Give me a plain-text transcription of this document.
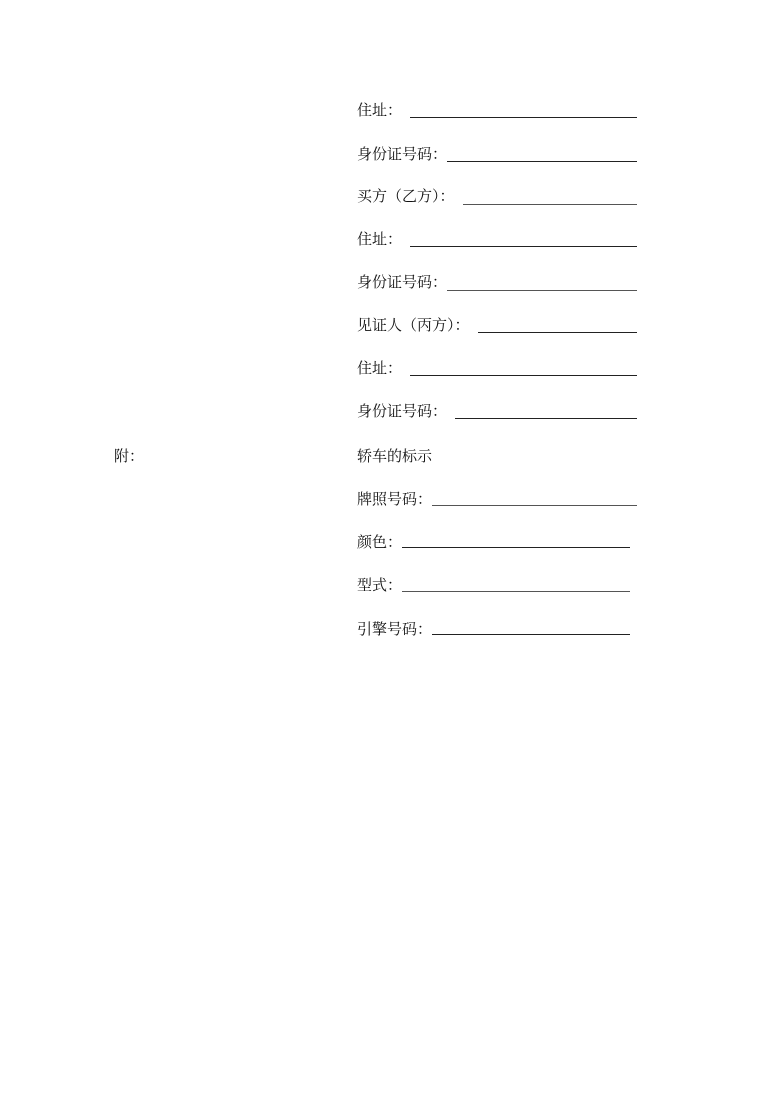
住址：
身份证号码：
买方（乙方）：
住址：
身份证号码：
见证人（丙方）：
住址：
身份证号码：
附：	轿车的标示
牌照号码：
颜色：
型式：
引擎号码：
